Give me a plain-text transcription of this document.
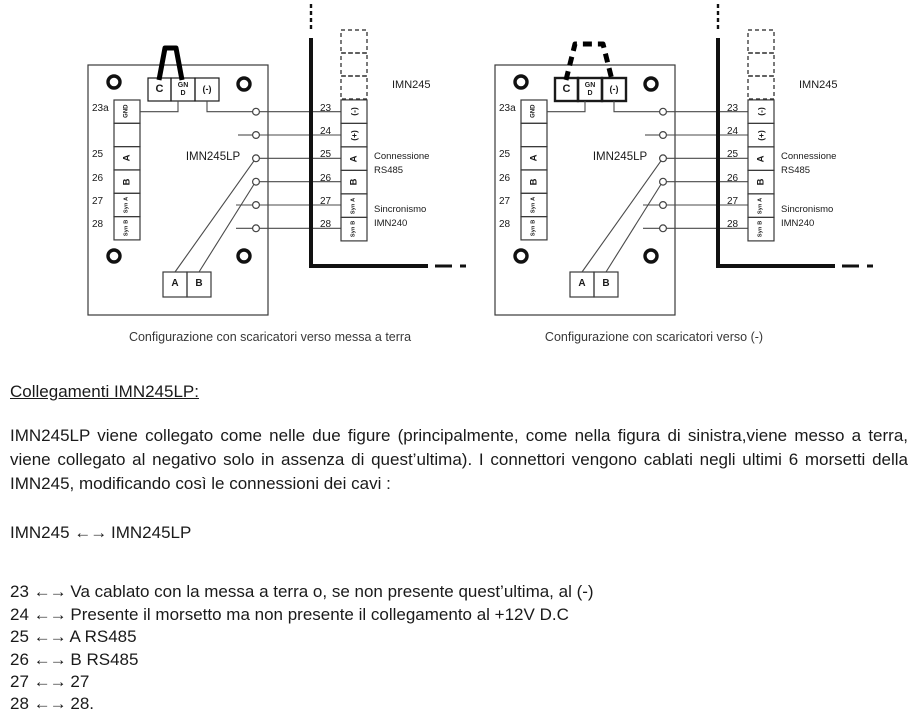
C GND	(-)
23a
25
26
27
28
GND
A
B
Syn A
Syn B
IMN245LP
A B
23
24
25
26
27
28
(-)
(+)
A
B
Syn A
Syn B
IMN245
Connessione
RS485
Sincronismo
IMN240
Configurazione con scaricatori verso messa a terra
C GND	(-)
23a
25
26
27
28
GND
A
B
Syn A
Syn B
IMN245LP
A B
23
24
25
26
27
28
(-)
(+)
A
B
Syn A
Syn B
IMN245
Connessione
RS485
Sincronismo
IMN240
Configurazione con scaricatori verso (-)
Collegamenti IMN245LP:
IMN245LP viene collegato come nelle due figure (principalmente, come nella figura di sinistra,viene messo a terra, viene collegato al negativo solo in assenza di quest’ultima). I connettori vengono cablati negli ultimi 6 morsetti della IMN245, modificando così le connessioni dei cavi :
IMN245 ←→ IMN245LP
23 ←→ Va cablato con la messa a terra o, se non presente quest’ultima, al (-)
24 ←→ Presente il morsetto ma non presente il collegamento al +12V D.C
25 ←→ A RS485
26 ←→ B RS485
27 ←→ 27
28 ←→ 28.
